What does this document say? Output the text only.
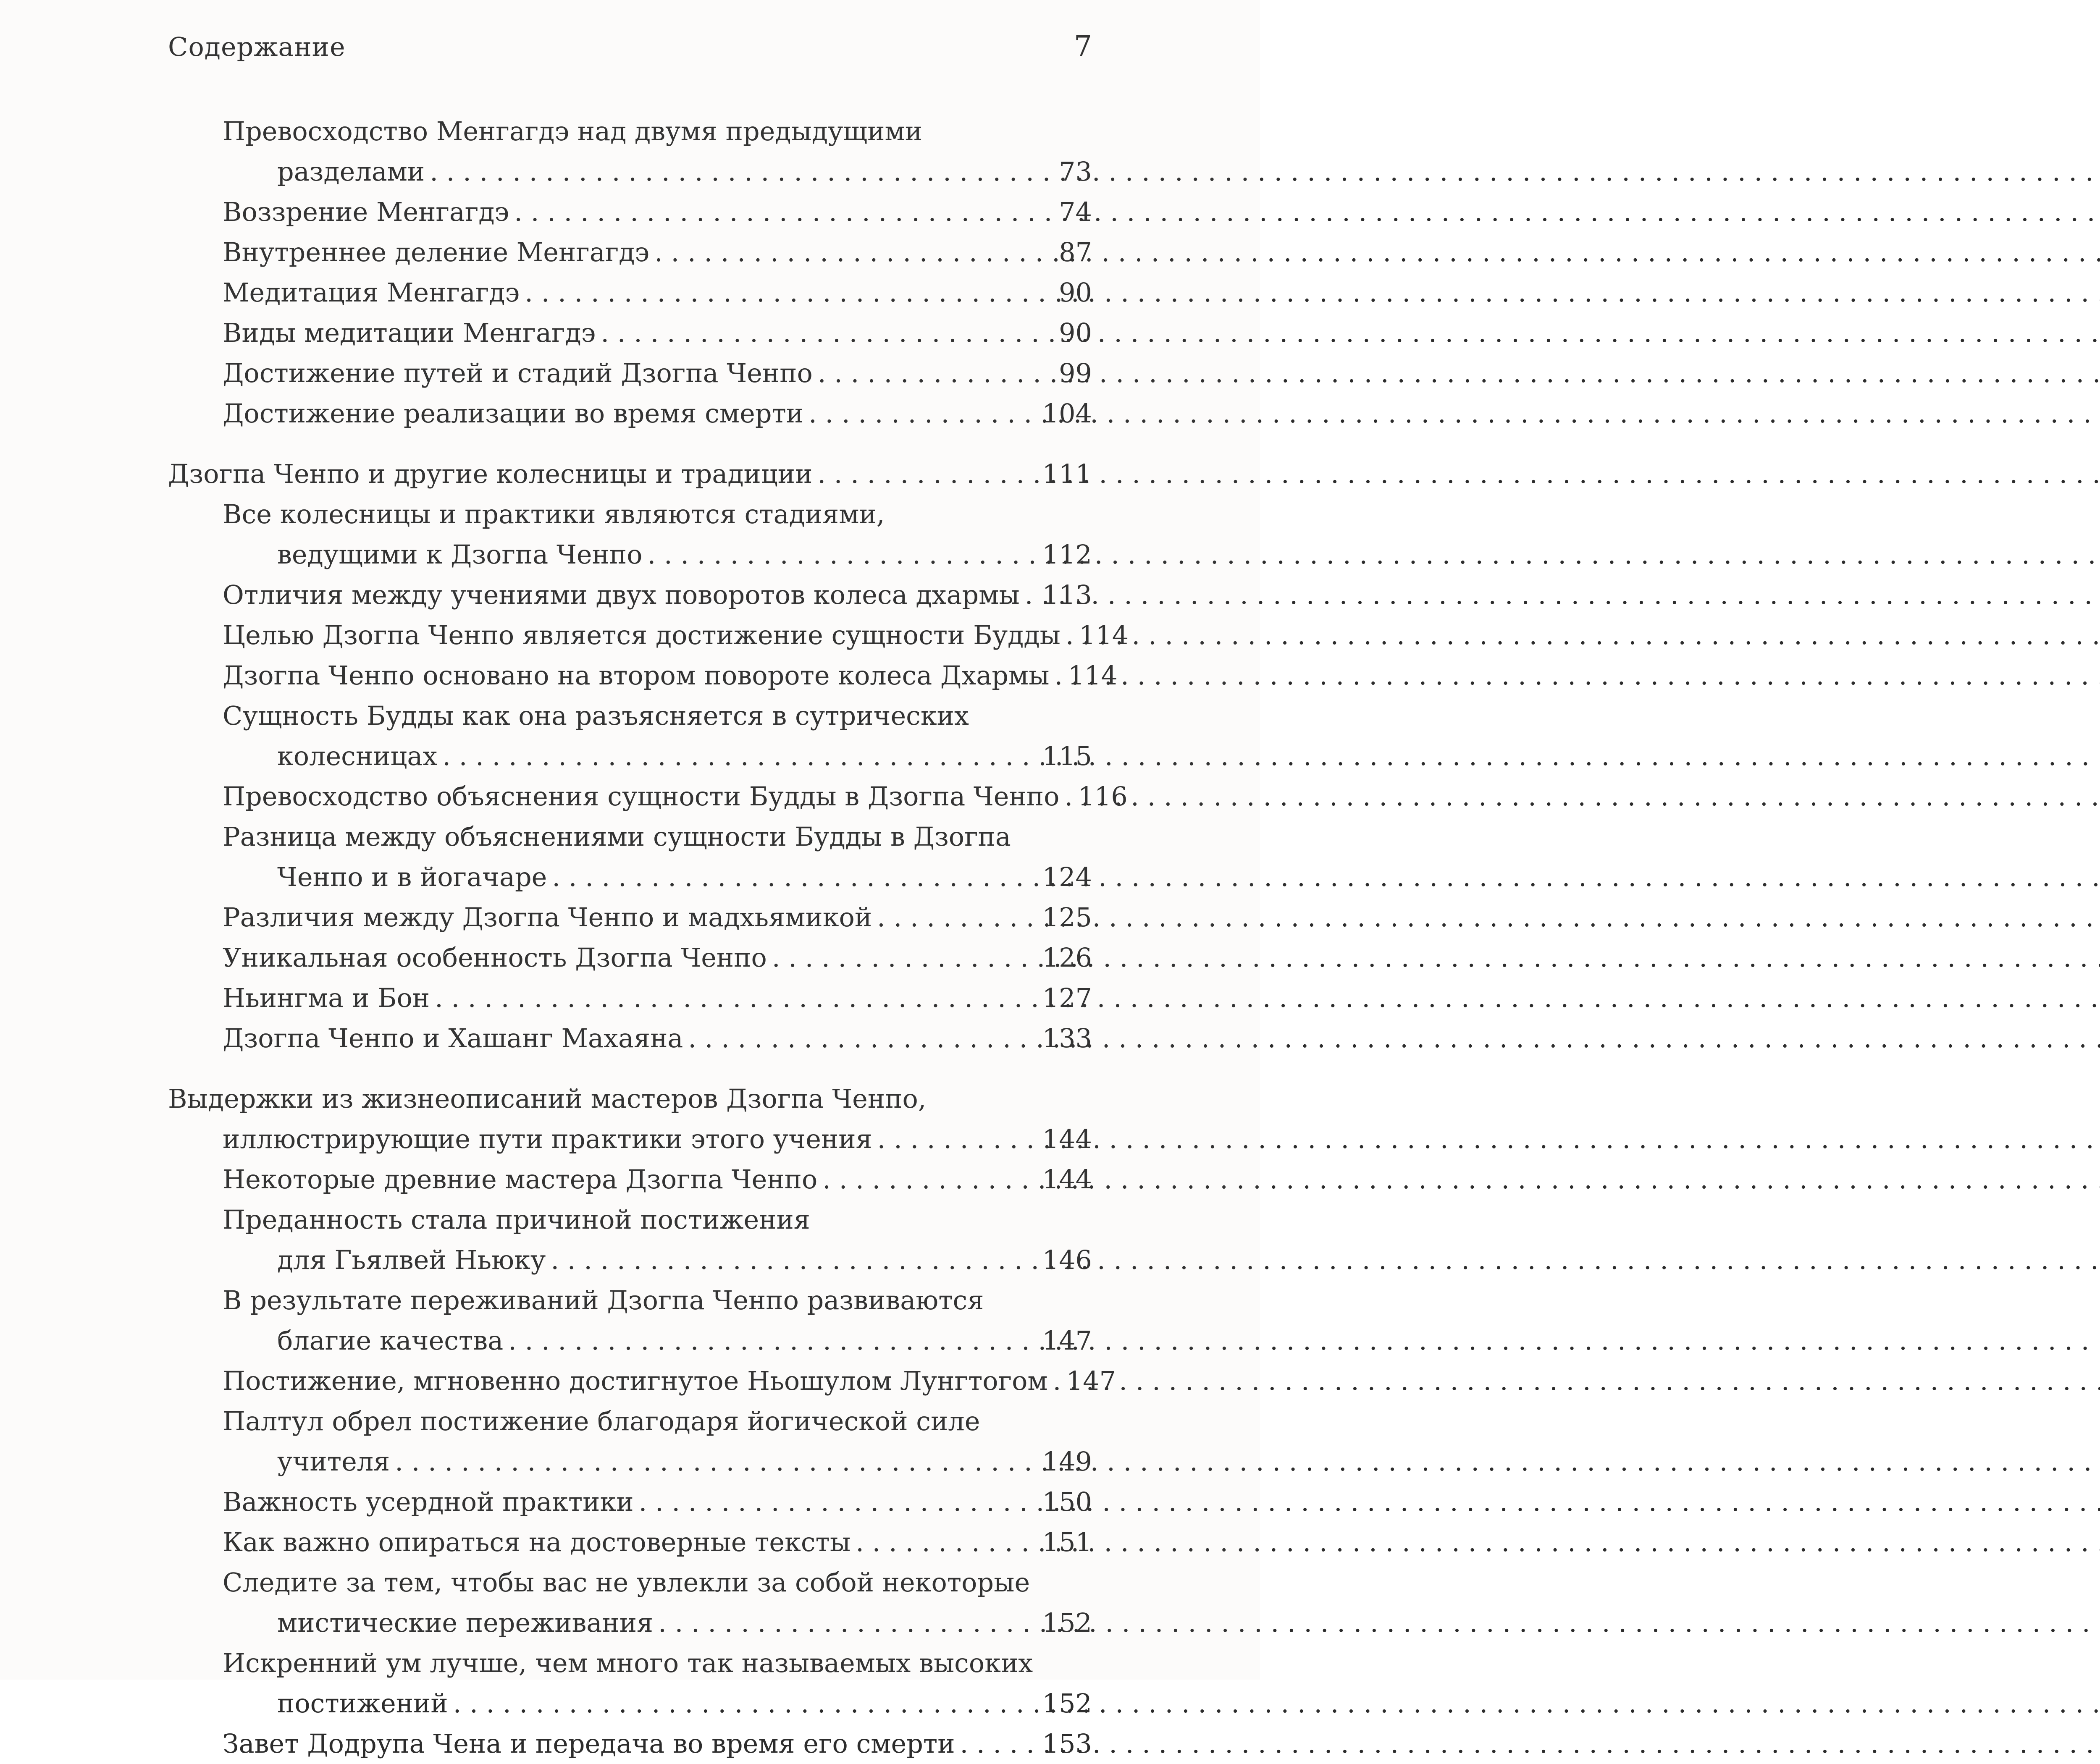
Содержание	7
Превосходство Менгагдэ над двумя предыдущими
разделами . . .	73
Воззрение Менгагдэ . . .	74
Внутреннее деление Менгагдэ . . .	87
Медитация Менгагдэ . . .	90
Виды медитации Менгагдэ . . .	90
Достижение путей и стадий Дзогпа Ченпо . . .	99
Достижение реализации во время смерти . . .	104
Дзогпа Ченпо и другие колесницы и традиции . . .	111
Все колесницы и практики являются стадиями,
ведущими к Дзогпа Ченпо . . .	112
Отличия между учениями двух поворотов колеса дхармы . . . 113
Целью Дзогпа Ченпо является достижение сущности Будды . . . 114
Дзогпа Ченпо основано на втором повороте колеса Дхармы . . . 114
Сущность Будды как она разъясняется в сутрических
колесницах . . .	115
Превосходство объяснения сущности Будды в Дзогпа Ченпо . . . 116
Разница между объяснениями сущности Будды в Дзогпа
Ченпо и в йогачаре . . .	124
Различия между Дзогпа Ченпо и мадхьямикой . . .	125
Уникальная особенность Дзогпа Ченпо . . .	126
Ньингма и Бон . . .	127
Дзогпа Ченпо и Хашанг Махаяна . . .	133
Выдержки из жизнеописаний мастеров Дзогпа Ченпо,
иллюстрирующие пути практики этого учения . . .	144
Некоторые древние мастера Дзогпа Ченпо . . .	144
Преданность стала причиной постижения
для Гьялвей Ньюку . . .	146
В результате переживаний Дзогпа Ченпо развиваются
благие качества . . .	147
Постижение, мгновенно достигнутое Ньошулом Лунгтогом . . . 147
Палтул обрел постижение благодаря йогической силе
учителя . . .	149
Важность усердной практики . . .	150
Как важно опираться на достоверные тексты . . .	151
Следите за тем, чтобы вас не увлекли за собой некоторые
мистические переживания . . .	152
Искренний ум лучше, чем много так называемых высоких
постижений . . .	152
Завет Додрупа Чена и передача во время его смерти . . .	153
